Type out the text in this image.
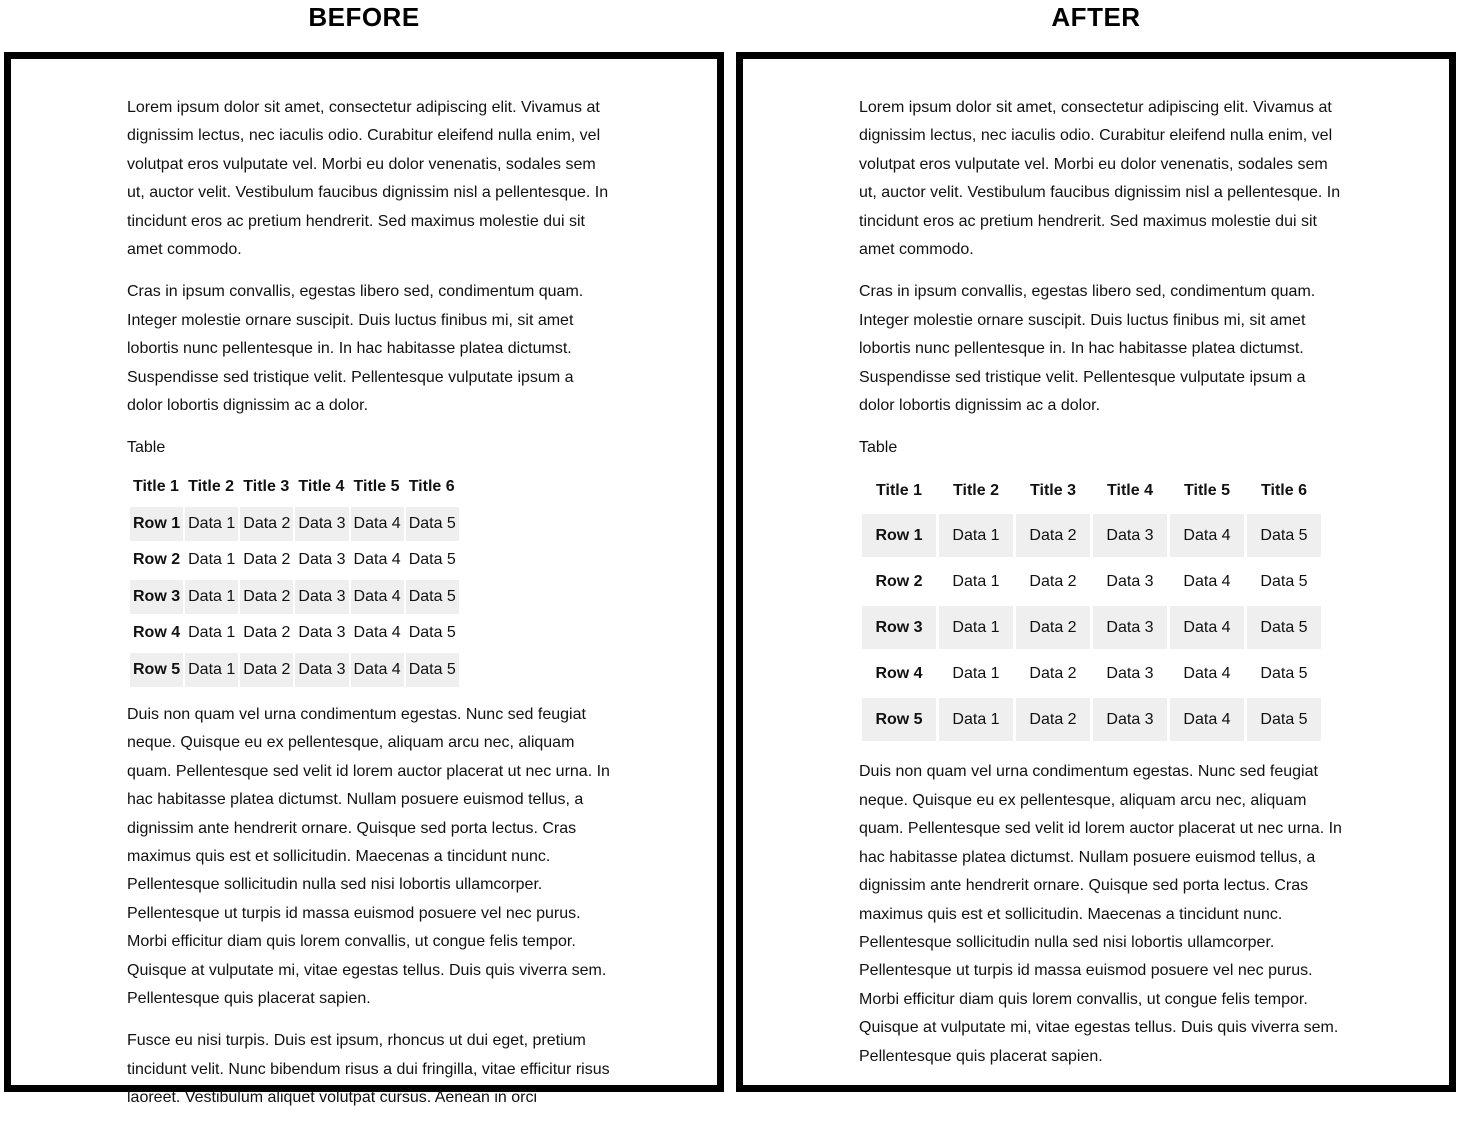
BEFORE	AFTER

Lorem ipsum dolor sit amet, consectetur adipiscing elit. Vivamus at dignissim lectus, nec iaculis odio. Curabitur eleifend nulla enim, vel volutpat eros vulputate vel. Morbi eu dolor venenatis, sodales sem ut, auctor velit. Vestibulum faucibus dignissim nisl a pellentesque. In tincidunt eros ac pretium hendrerit. Sed maximus molestie dui sit amet commodo.

Cras in ipsum convallis, egestas libero sed, condimentum quam. Integer molestie ornare suscipit. Duis luctus finibus mi, sit amet lobortis nunc pellentesque in. In hac habitasse platea dictumst. Suspendisse sed tristique velit. Pellentesque vulputate ipsum a dolor lobortis dignissim ac a dolor.

Table
Title 1	Title 2	Title 3	Title 4	Title 5	Title 6
Row 1	Data 1	Data 2	Data 3	Data 4	Data 5
Row 2	Data 1	Data 2	Data 3	Data 4	Data 5
Row 3	Data 1	Data 2	Data 3	Data 4	Data 5
Row 4	Data 1	Data 2	Data 3	Data 4	Data 5
Row 5	Data 1	Data 2	Data 3	Data 4	Data 5

Duis non quam vel urna condimentum egestas. Nunc sed feugiat neque. Quisque eu ex pellentesque, aliquam arcu nec, aliquam quam. Pellentesque sed velit id lorem auctor placerat ut nec urna. In hac habitasse platea dictumst. Nullam posuere euismod tellus, a dignissim ante hendrerit ornare. Quisque sed porta lectus. Cras maximus quis est et sollicitudin. Maecenas a tincidunt nunc. Pellentesque sollicitudin nulla sed nisi lobortis ullamcorper. Pellentesque ut turpis id massa euismod posuere vel nec purus. Morbi efficitur diam quis lorem convallis, ut congue felis tempor. Quisque at vulputate mi, vitae egestas tellus. Duis quis viverra sem. Pellentesque quis placerat sapien.

Fusce eu nisi turpis. Duis est ipsum, rhoncus ut dui eget, pretium tincidunt velit. Nunc bibendum risus a dui fringilla, vitae efficitur risus laoreet. Vestibulum aliquet volutpat cursus. Aenean in orci

Lorem ipsum dolor sit amet, consectetur adipiscing elit. Vivamus at dignissim lectus, nec iaculis odio. Curabitur eleifend nulla enim, vel volutpat eros vulputate vel. Morbi eu dolor venenatis, sodales sem ut, auctor velit. Vestibulum faucibus dignissim nisl a pellentesque. In tincidunt eros ac pretium hendrerit. Sed maximus molestie dui sit amet commodo.

Cras in ipsum convallis, egestas libero sed, condimentum quam. Integer molestie ornare suscipit. Duis luctus finibus mi, sit amet lobortis nunc pellentesque in. In hac habitasse platea dictumst. Suspendisse sed tristique velit. Pellentesque vulputate ipsum a dolor lobortis dignissim ac a dolor.

Table
Title 1	Title 2	Title 3	Title 4	Title 5	Title 6
Row 1	Data 1	Data 2	Data 3	Data 4	Data 5
Row 2	Data 1	Data 2	Data 3	Data 4	Data 5
Row 3	Data 1	Data 2	Data 3	Data 4	Data 5
Row 4	Data 1	Data 2	Data 3	Data 4	Data 5
Row 5	Data 1	Data 2	Data 3	Data 4	Data 5

Duis non quam vel urna condimentum egestas. Nunc sed feugiat neque. Quisque eu ex pellentesque, aliquam arcu nec, aliquam quam. Pellentesque sed velit id lorem auctor placerat ut nec urna. In hac habitasse platea dictumst. Nullam posuere euismod tellus, a dignissim ante hendrerit ornare. Quisque sed porta lectus. Cras maximus quis est et sollicitudin. Maecenas a tincidunt nunc. Pellentesque sollicitudin nulla sed nisi lobortis ullamcorper. Pellentesque ut turpis id massa euismod posuere vel nec purus. Morbi efficitur diam quis lorem convallis, ut congue felis tempor. Quisque at vulputate mi, vitae egestas tellus. Duis quis viverra sem. Pellentesque quis placerat sapien.
